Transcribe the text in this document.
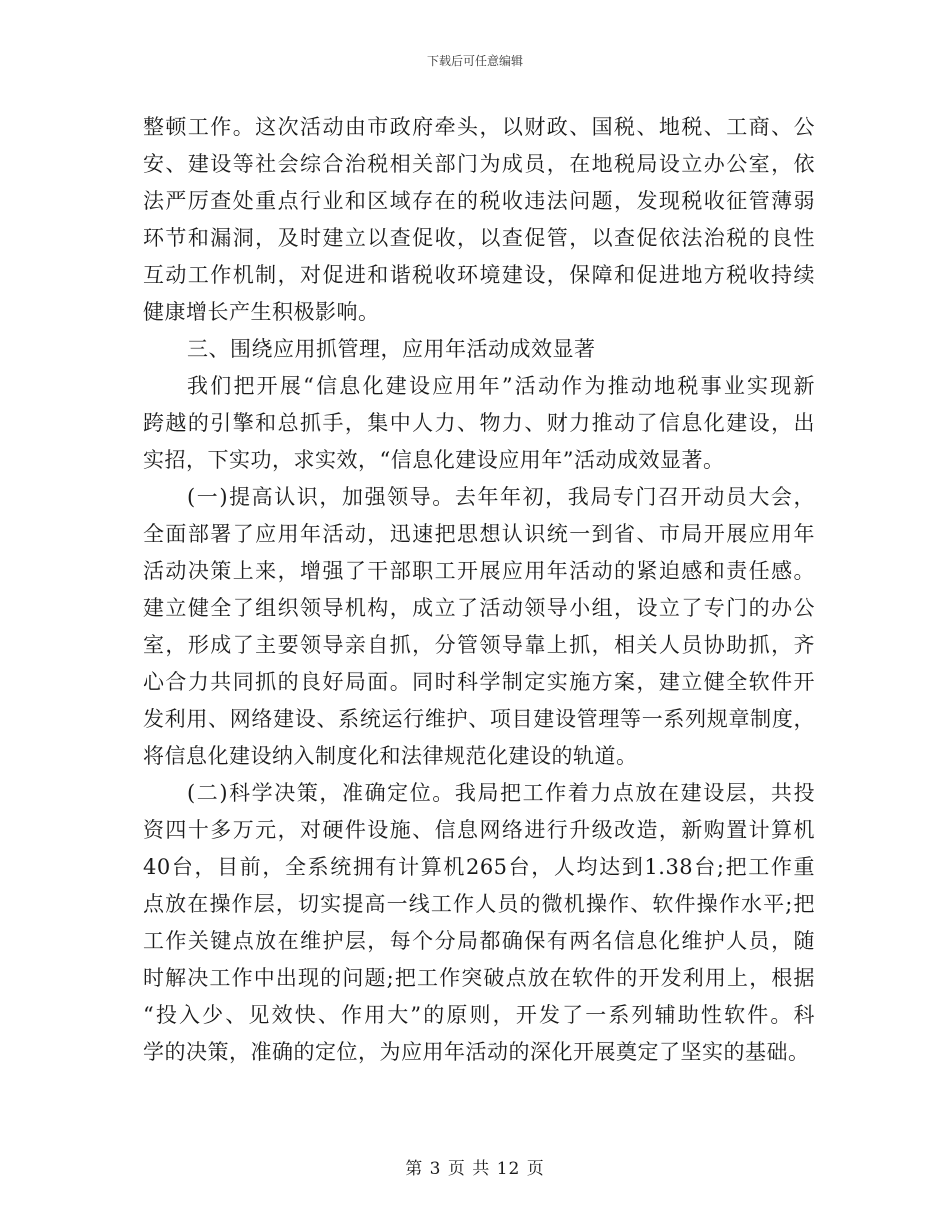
下载后可任意编辑
整顿工作。这次活动由市政府牵头，以财政、国税、地税、工商、公
安、建设等社会综合治税相关部门为成员，在地税局设立办公室，依
法严厉查处重点行业和区域存在的税收违法问题，发现税收征管薄弱
环节和漏洞，及时建立以查促收，以查促管，以查促依法治税的良性
互动工作机制，对促进和谐税收环境建设，保障和促进地方税收持续
健康增长产生积极影响。
三、围绕应用抓管理，应用年活动成效显著
我们把开展“信息化建设应用年”活动作为推动地税事业实现新
跨越的引擎和总抓手，集中人力、物力、财力推动了信息化建设，出
实招，下实功，求实效，“信息化建设应用年”活动成效显著。
(一)提高认识，加强领导。去年年初，我局专门召开动员大会，
全面部署了应用年活动，迅速把思想认识统一到省、市局开展应用年
活动决策上来，增强了干部职工开展应用年活动的紧迫感和责任感。
建立健全了组织领导机构，成立了活动领导小组，设立了专门的办公
室，形成了主要领导亲自抓，分管领导靠上抓，相关人员协助抓，齐
心合力共同抓的良好局面。同时科学制定实施方案，建立健全软件开
发利用、网络建设、系统运行维护、项目建设管理等一系列规章制度，
将信息化建设纳入制度化和法律规范化建设的轨道。
(二)科学决策，准确定位。我局把工作着力点放在建设层，共投
资四十多万元，对硬件设施、信息网络进行升级改造，新购置计算机
40台，目前，全系统拥有计算机265台，人均达到1.38台;把工作重
点放在操作层，切实提高一线工作人员的微机操作、软件操作水平;把
工作关键点放在维护层，每个分局都确保有两名信息化维护人员，随
时解决工作中出现的问题;把工作突破点放在软件的开发利用上，根据
“投入少、见效快、作用大”的原则，开发了一系列辅助性软件。科
学的决策，准确的定位，为应用年活动的深化开展奠定了坚实的基础。
第 3 页 共 12 页
